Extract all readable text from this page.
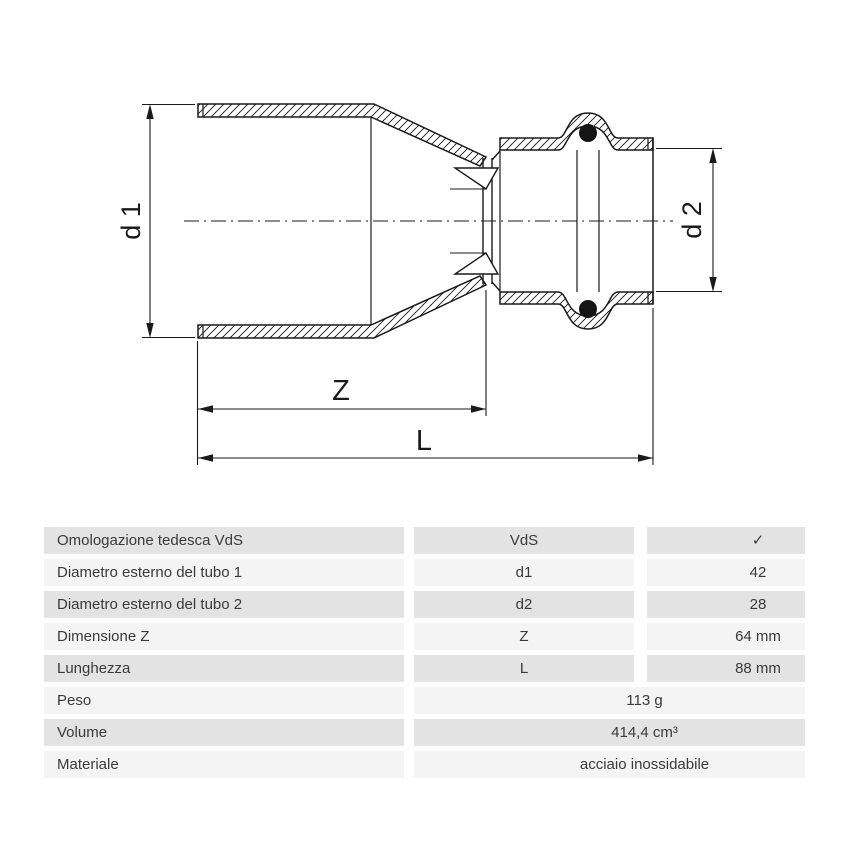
d 1	d 2
Z
L
Omologazione tedesca VdS	VdS	✓
Diametro esterno del tubo 1	d1	42
Diametro esterno del tubo 2	d2	28
Dimensione Z	Z	64 mm
Lunghezza	L	88 mm
Peso	113 g
Volume	414,4 cm³
Materiale	acciaio inossidabile
